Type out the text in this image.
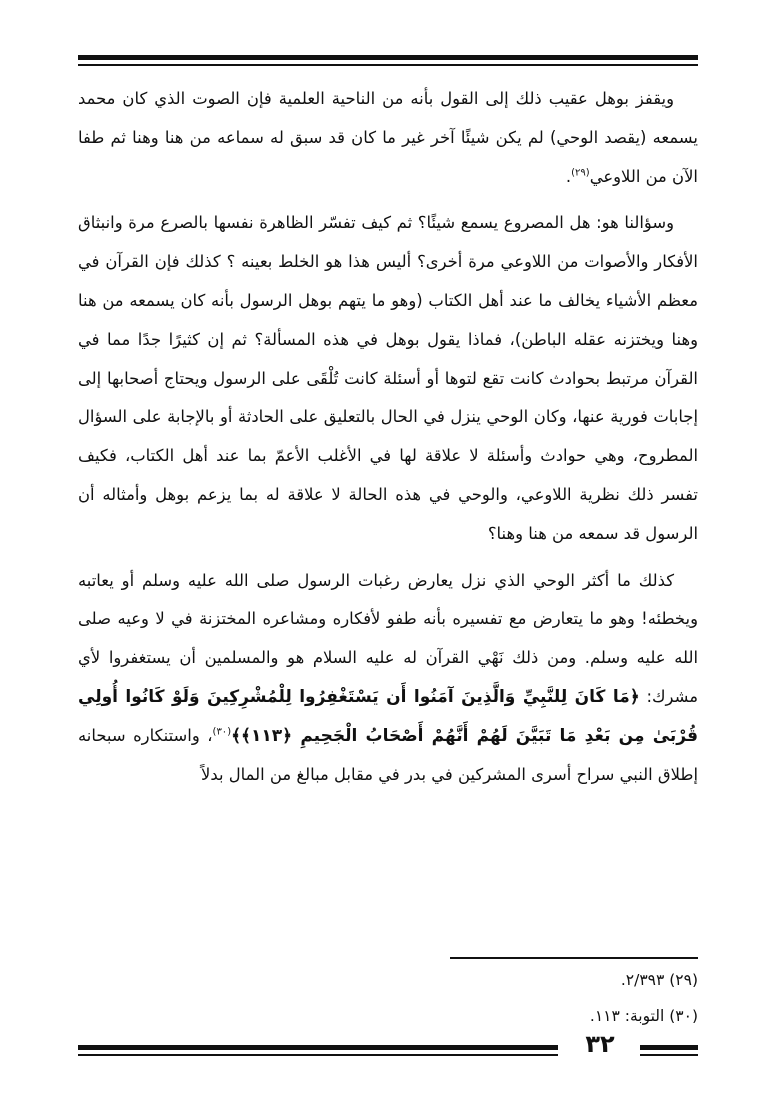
ويقفز بوهل عقيب ذلك إلى القول بأنه من الناحية العلمية فإن الصوت الذي كان محمد يسمعه (يقصد الوحي) لم يكن شيئًا آخر غير ما كان قد سبق له سماعه من هنا وهنا ثم طفا الآن من اللاوعي$^{(٢٩)}$.

وسؤالنا هو: هل المصروع يسمع شيئًا؟ ثم كيف تفسّر الظاهرة نفسها بالصرع مرة وانبثاق الأفكار والأصوات من اللاوعي مرة أخرى؟ أليس هذا هو الخلط بعينه ؟ كذلك فإن القرآن في معظم الأشياء يخالف ما عند أهل الكتاب (وهو ما يتهم بوهل الرسول بأنه كان يسمعه من هنا وهنا ويختزنه عقله الباطن)، فماذا يقول بوهل في هذه المسألة؟ ثم إن كثيرًا جدًا مما في القرآن مرتبط بحوادث كانت تقع لتوها أو أسئلة كانت تُلْقَى على الرسول ويحتاج أصحابها إلى إجابات فورية عنها، وكان الوحي ينزل في الحال بالتعليق على الحادثة أو بالإجابة على السؤال المطروح، وهي حوادث وأسئلة لا علاقة لها في الأغلب الأعمّ بما عند أهل الكتاب، فكيف تفسر ذلك نظرية اللاوعي، والوحي في هذه الحالة لا علاقة له بما يزعم بوهل وأمثاله أن الرسول قد سمعه من هنا وهنا؟

كذلك ما أكثر الوحي الذي نزل يعارض رغبات الرسول صلى الله عليه وسلم أو يعاتبه ويخطئه! وهو ما يتعارض مع تفسيره بأنه طفو لأفكاره ومشاعره المختزنة في لا وعيه صلى الله عليه وسلم. ومن ذلك نَهْي القرآن له عليه السلام هو والمسلمين أن يستغفروا لأي مشرك: ﴿مَا كَانَ لِلنَّبِيِّ وَالَّذِينَ آمَنُوا أَن يَسْتَغْفِرُوا لِلْمُشْرِكِينَ وَلَوْ كَانُوا أُولِي قُرْبَىٰ مِن بَعْدِ مَا تَبَيَّنَ لَهُمْ أَنَّهُمْ أَصْحَابُ الْجَحِيمِ ﴿١١٣﴾﴾$^{(٣٠)}$، واستنكاره سبحانه إطلاق النبي سراح أسرى المشركين في بدر في مقابل مبالغ من المال بدلاً

(٢٩) ٢/٣٩٣.
(٣٠) التوبة: ١١٣.
٣٢
